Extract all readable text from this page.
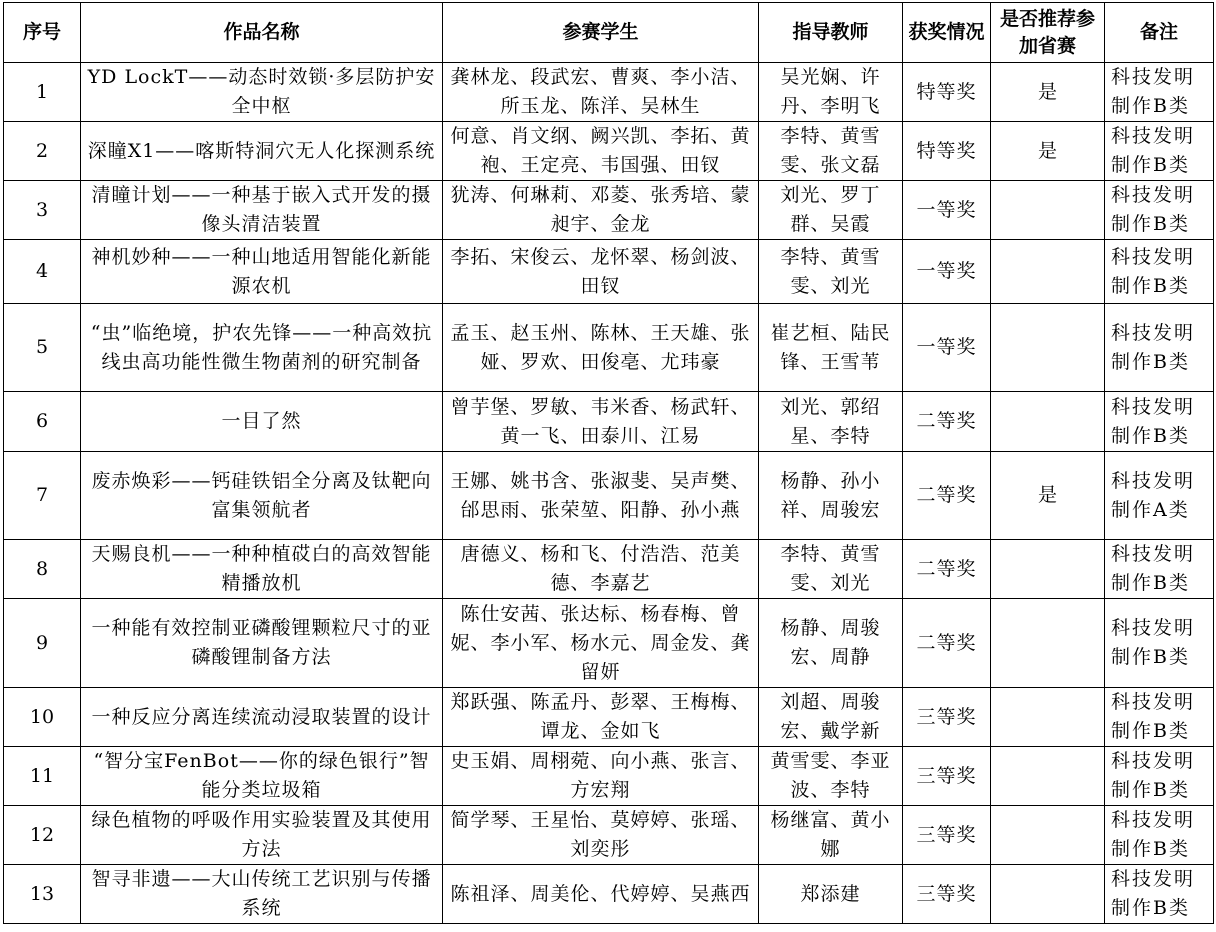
序号	作品名称	参赛学生	指导教师	获奖情况	是否推荐参加省赛	备注
1	YD LockT——动态时效锁·多层防护安全中枢	龚林龙、段武宏、曹爽、李小洁、所玉龙、陈洋、吴林生	吴光娴、许丹、李明飞	特等奖	是	科技发明制作B类
2	深瞳X1——喀斯特洞穴无人化探测系统	何意、肖文纲、阙兴凯、李拓、黄袍、王定亮、韦国强、田钗	李特、黄雪雯、张文磊	特等奖	是	科技发明制作B类
3	清瞳计划——一种基于嵌入式开发的摄像头清洁装置	犹涛、何琳莉、邓菱、张秀培、蒙昶宇、金龙	刘光、罗丁群、吴霞	一等奖		科技发明制作B类
4	神机妙种——一种山地适用智能化新能源农机	李拓、宋俊云、龙怀翠、杨剑波、田钗	李特、黄雪雯、刘光	一等奖		科技发明制作B类
5	“虫”临绝境，护农先锋——一种高效抗线虫高功能性微生物菌剂的研究制备	孟玉、赵玉州、陈林、王天雄、张娅、罗欢、田俊亳、尤玮豪	崔艺桓、陆民锋、王雪苇	一等奖		科技发明制作B类
6	一目了然	曾芋堡、罗敏、韦米香、杨武轩、黄一飞、田泰川、江易	刘光、郭绍星、李特	二等奖		科技发明制作B类
7	废赤焕彩——钙硅铁铝全分离及钛靶向富集领航者	王娜、姚书含、张淑斐、吴声樊、邰思雨、张荣堃、阳静、孙小燕	杨静、孙小祥、周骏宏	二等奖	是	科技发明制作A类
8	天赐良机——一种种植砹白的高效智能精播放机	唐德义、杨和飞、付浩浩、范美德、李嘉艺	李特、黄雪雯、刘光	二等奖		科技发明制作B类
9	一种能有效控制亚磷酸锂颗粒尺寸的亚磷酸锂制备方法	陈仕安茜、张达标、杨春梅、曾妮、李小军、杨水元、周金发、龚留妍	杨静、周骏宏、周静	二等奖		科技发明制作B类
10	一种反应分离连续流动浸取装置的设计	郑跃强、陈孟丹、彭翠、王梅梅、谭龙、金如飞	刘超、周骏宏、戴学新	三等奖		科技发明制作B类
11	“智分宝FenBot——你的绿色银行”智能分类垃圾箱	史玉娟、周栩菀、向小燕、张言、方宏翔	黄雪雯、李亚波、李特	三等奖		科技发明制作B类
12	绿色植物的呼吸作用实验装置及其使用方法	简学琴、王星怡、莫婷婷、张瑶、刘奕彤	杨继富、黄小娜	三等奖		科技发明制作B类
13	智寻非遗——大山传统工艺识别与传播系统	陈祖泽、周美伦、代婷婷、吴燕西	郑添建	三等奖		科技发明制作B类
